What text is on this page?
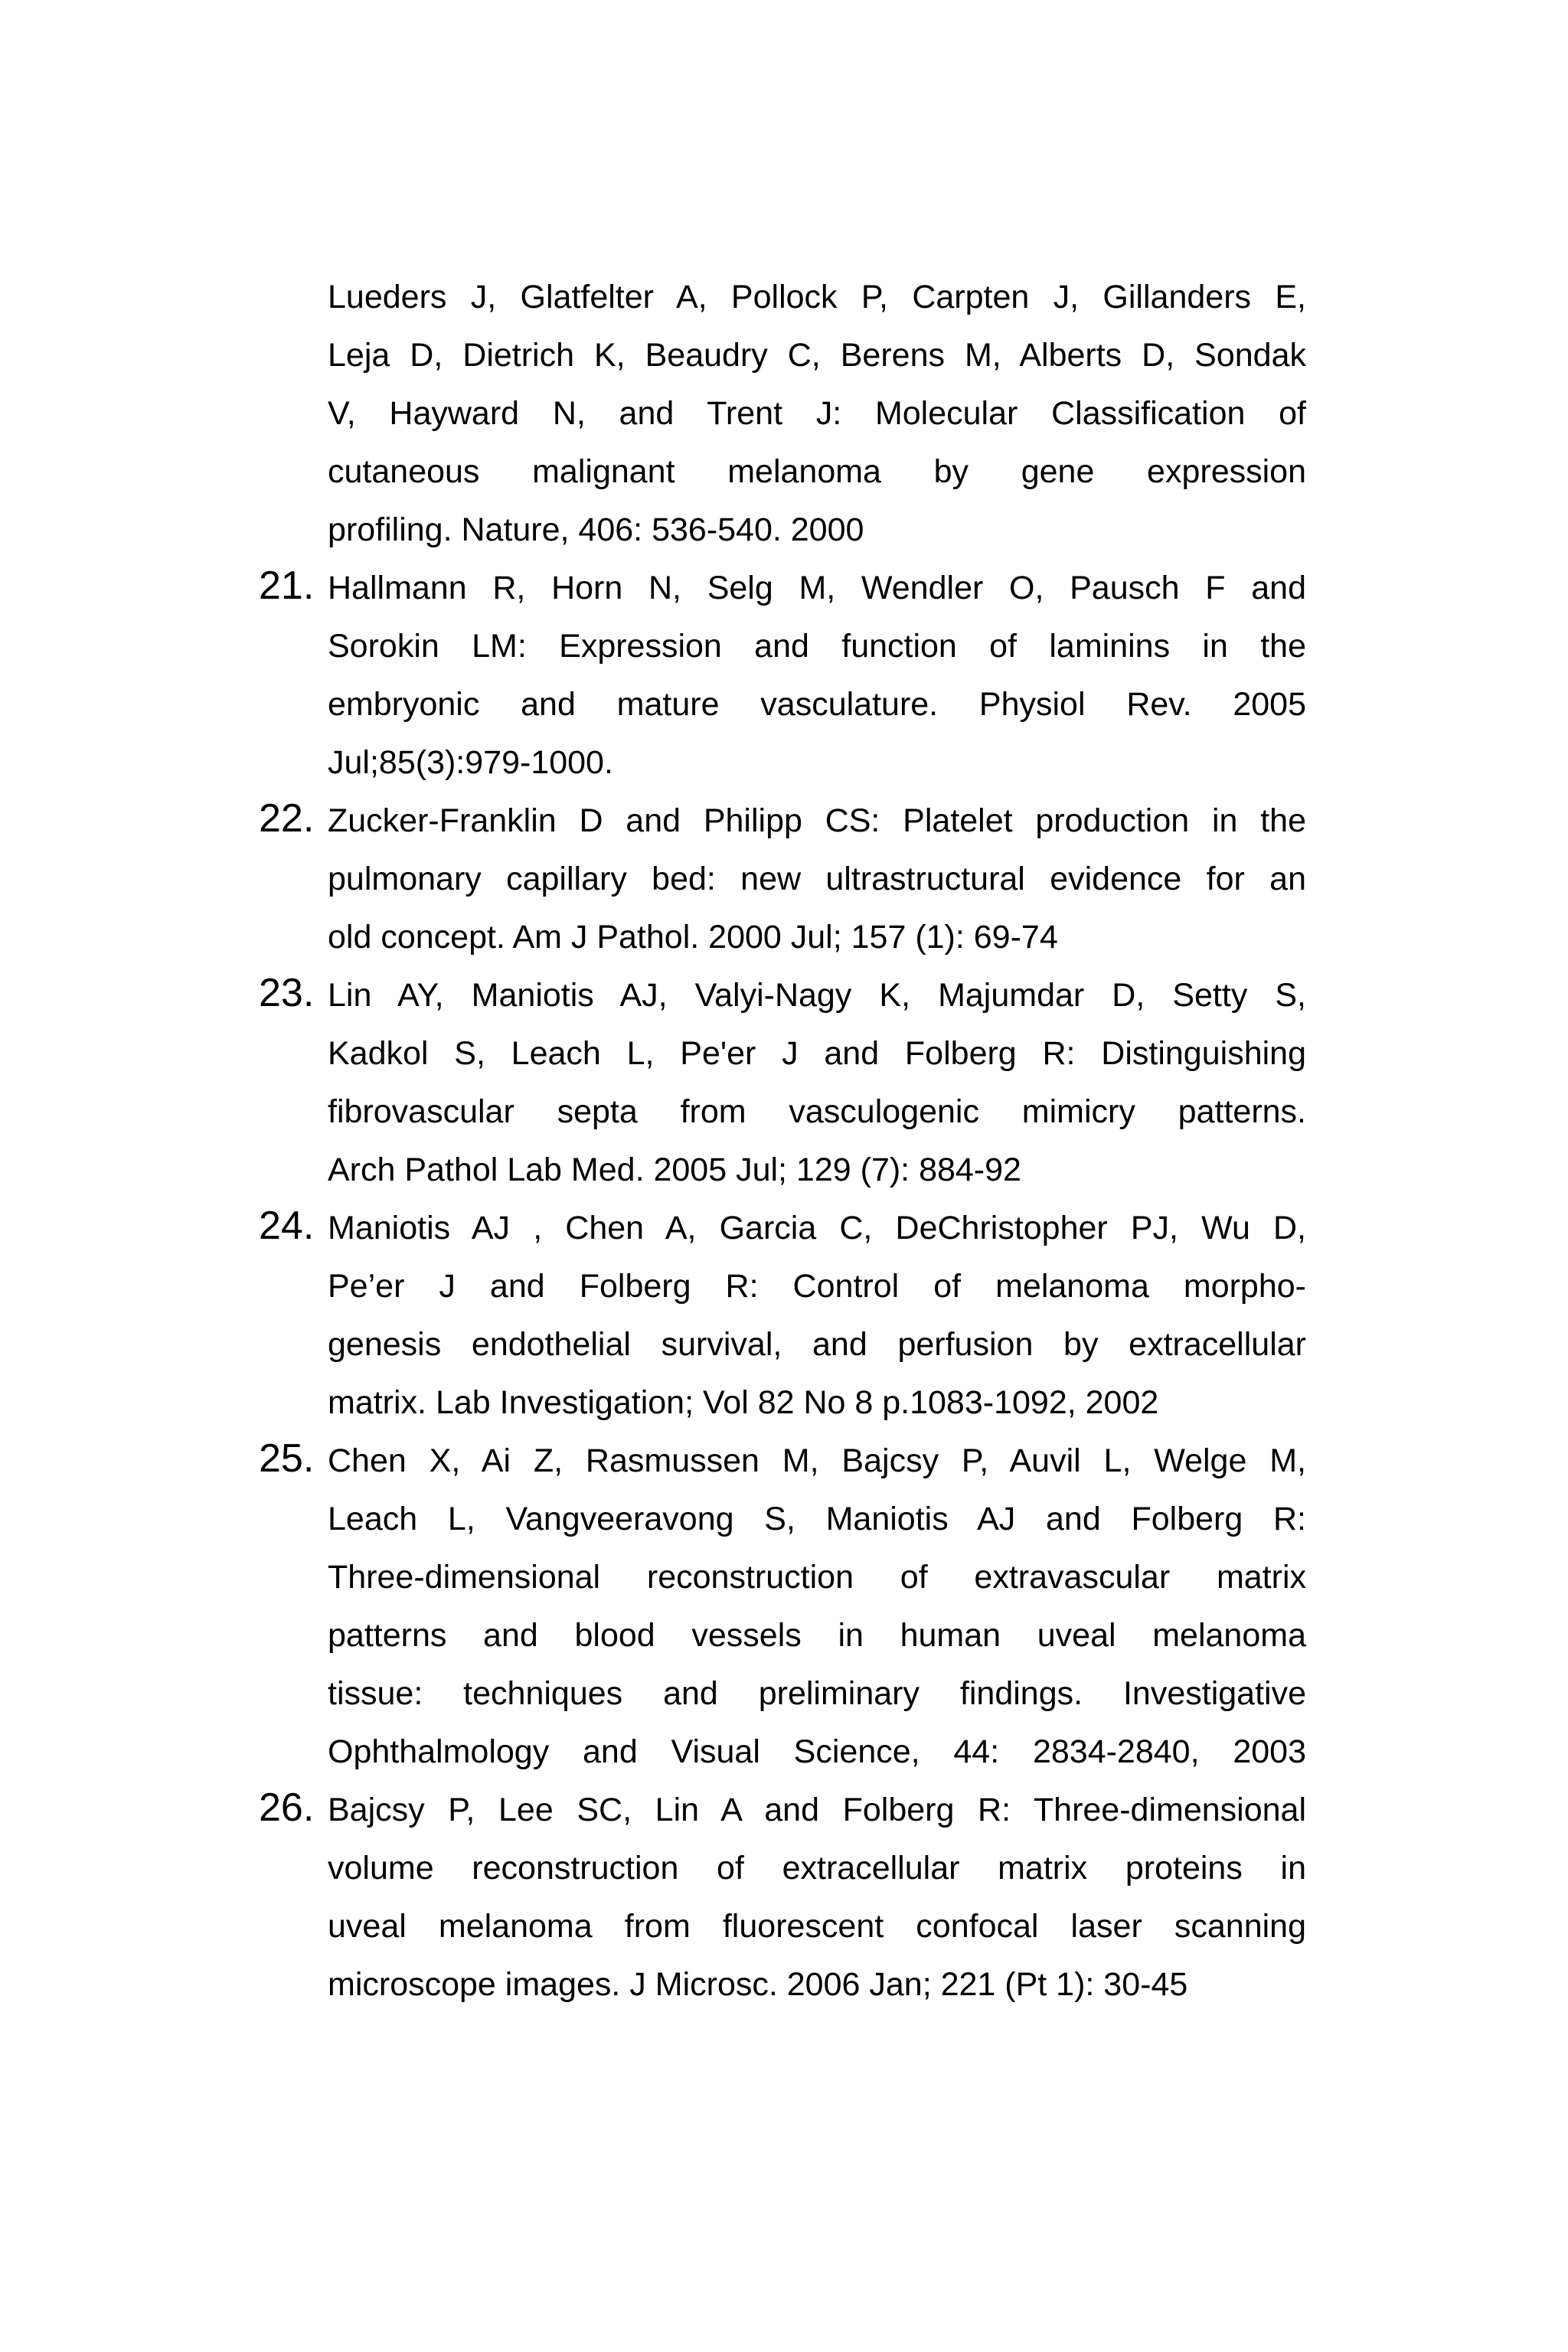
Lueders J, Glatfelter A, Pollock P, Carpten J, Gillanders E,
Leja D, Dietrich K, Beaudry C, Berens M, Alberts D, Sondak
V, Hayward N, and Trent J: Molecular Classification of
cutaneous malignant melanoma by gene expression
profiling. Nature, 406: 536-540. 2000
21. Hallmann R, Horn N, Selg M, Wendler O, Pausch F and
Sorokin LM: Expression and function of laminins in the
embryonic and mature vasculature. Physiol Rev. 2005
Jul;85(3):979-1000.
22. Zucker-Franklin D and Philipp CS: Platelet production in the
pulmonary capillary bed: new ultrastructural evidence for an
old concept. Am J Pathol. 2000 Jul; 157 (1): 69-74
23. Lin AY, Maniotis AJ, Valyi-Nagy K, Majumdar D, Setty S,
Kadkol S, Leach L, Pe'er J and Folberg R: Distinguishing
fibrovascular septa from vasculogenic mimicry patterns.
Arch Pathol Lab Med. 2005 Jul; 129 (7): 884-92
24. Maniotis AJ , Chen A, Garcia C, DeChristopher PJ, Wu D,
Pe’er J and Folberg R: Control of melanoma morpho-
genesis endothelial survival, and perfusion by extracellular
matrix. Lab Investigation; Vol 82 No 8 p.1083-1092, 2002
25. Chen X, Ai Z, Rasmussen M, Bajcsy P, Auvil L, Welge M,
Leach L, Vangveeravong S, Maniotis AJ and Folberg R:
Three-dimensional reconstruction of extravascular matrix
patterns and blood vessels in human uveal melanoma
tissue: techniques and preliminary findings. Investigative
Ophthalmology and Visual Science, 44: 2834-2840, 2003
26. Bajcsy P, Lee SC, Lin A and Folberg R: Three-dimensional
volume reconstruction of extracellular matrix proteins in
uveal melanoma from fluorescent confocal laser scanning
microscope images. J Microsc. 2006 Jan; 221 (Pt 1): 30-45
